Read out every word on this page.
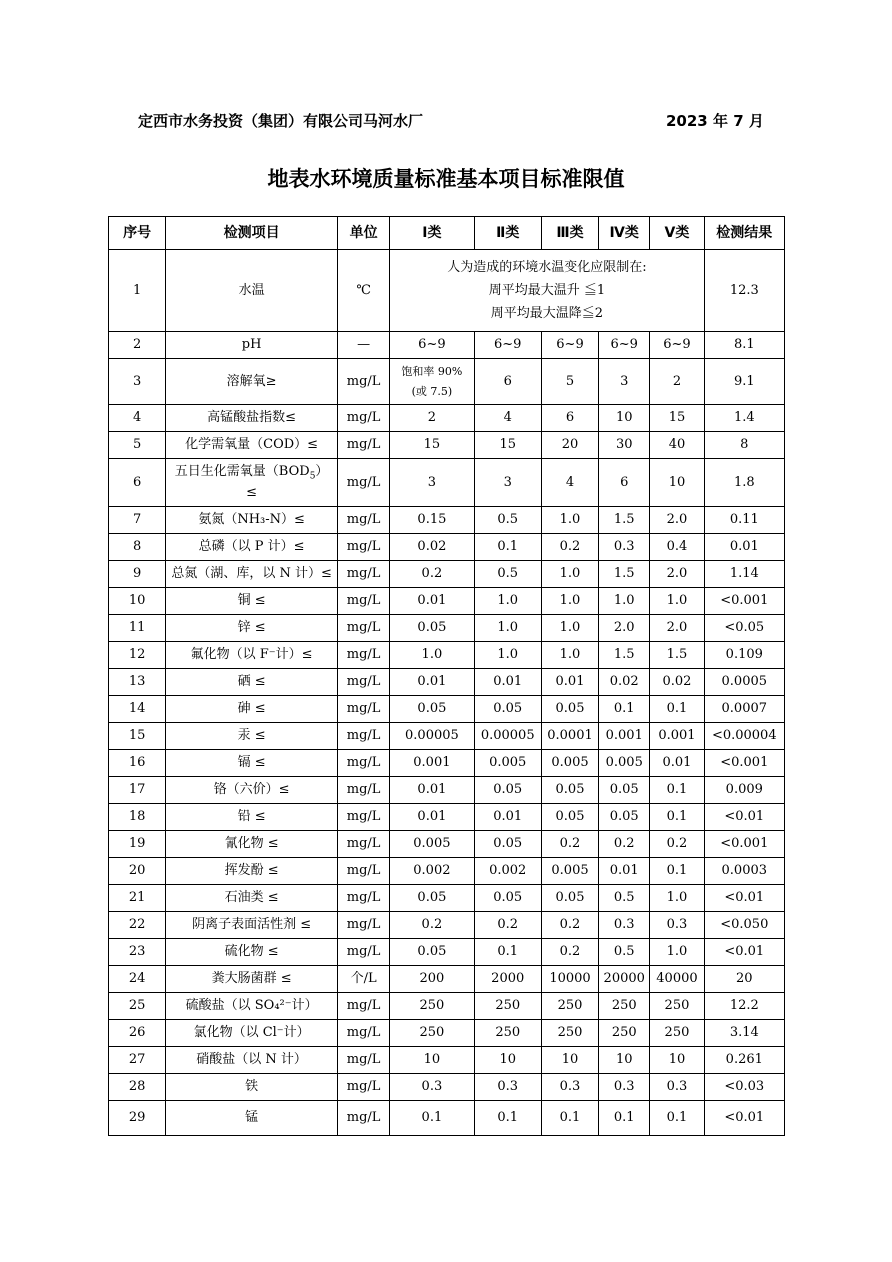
定西市水务投资（集团）有限公司马河水厂	2023 年 7 月
地表水环境质量标准基本项目标准限值
序号	检测项目	单位	Ⅰ类	Ⅱ类	Ⅲ类	Ⅳ类	Ⅴ类	检测结果
1	水温	℃	人为造成的环境水温变化应限制在:
周平均最大温升 ≦1
周平均最大温降≦2					12.3
2	pH	—	6~9	6~9	6~9	6~9	6~9	8.1
3	溶解氧≥	mg/L	饱和率 90%
(或 7.5)	6	5	3	2	9.1
4	高锰酸盐指数≤	mg/L	2	4	6	10	15	1.4
5	化学需氧量（COD）≤	mg/L	15	15	20	30	40	8
6	五日生化需氧量$(BOD_5)$
≤	mg/L	3	3	4	6	10	1.8
7	氨氮（NH₃-N）≤	mg/L	0.15	0.5	1.0	1.5	2.0	0.11
8	总磷（以 P 计）≤	mg/L	0.02	0.1	0.2	0.3	0.4	0.01
9	总氮（湖、库，以 N 计）≤	mg/L	0.2	0.5	1.0	1.5	2.0	1.14
10	铜 ≤	mg/L	0.01	1.0	1.0	1.0	1.0	<0.001
11	锌 ≤	mg/L	0.05	1.0	1.0	2.0	2.0	<0.05
12	氟化物（以 F⁻计）≤	mg/L	1.0	1.0	1.0	1.5	1.5	0.109
13	硒 ≤	mg/L	0.01	0.01	0.01	0.02	0.02	0.0005
14	砷 ≤	mg/L	0.05	0.05	0.05	0.1	0.1	0.0007
15	汞 ≤	mg/L	0.00005	0.00005	0.0001	0.001	0.001	<0.00004
16	镉 ≤	mg/L	0.001	0.005	0.005	0.005	0.01	<0.001
17	铬（六价）≤	mg/L	0.01	0.05	0.05	0.05	0.1	0.009
18	铅 ≤	mg/L	0.01	0.01	0.05	0.05	0.1	<0.01
19	氰化物 ≤	mg/L	0.005	0.05	0.2	0.2	0.2	<0.001
20	挥发酚 ≤	mg/L	0.002	0.002	0.005	0.01	0.1	0.0003
21	石油类 ≤	mg/L	0.05	0.05	0.05	0.5	1.0	<0.01
22	阴离子表面活性剂 ≤	mg/L	0.2	0.2	0.2	0.3	0.3	<0.050
23	硫化物 ≤	mg/L	0.05	0.1	0.2	0.5	1.0	<0.01
24	粪大肠菌群 ≤	个/L	200	2000	10000	20000	40000	20
25	硫酸盐（以 SO₄²⁻计）	mg/L	250	250	250	250	250	12.2
26	氯化物（以 Cl⁻计）	mg/L	250	250	250	250	250	3.14
27	硝酸盐（以 N 计）	mg/L	10	10	10	10	10	0.261
28	铁	mg/L	0.3	0.3	0.3	0.3	0.3	<0.03
29	锰	mg/L	0.1	0.1	0.1	0.1	0.1	<0.01
